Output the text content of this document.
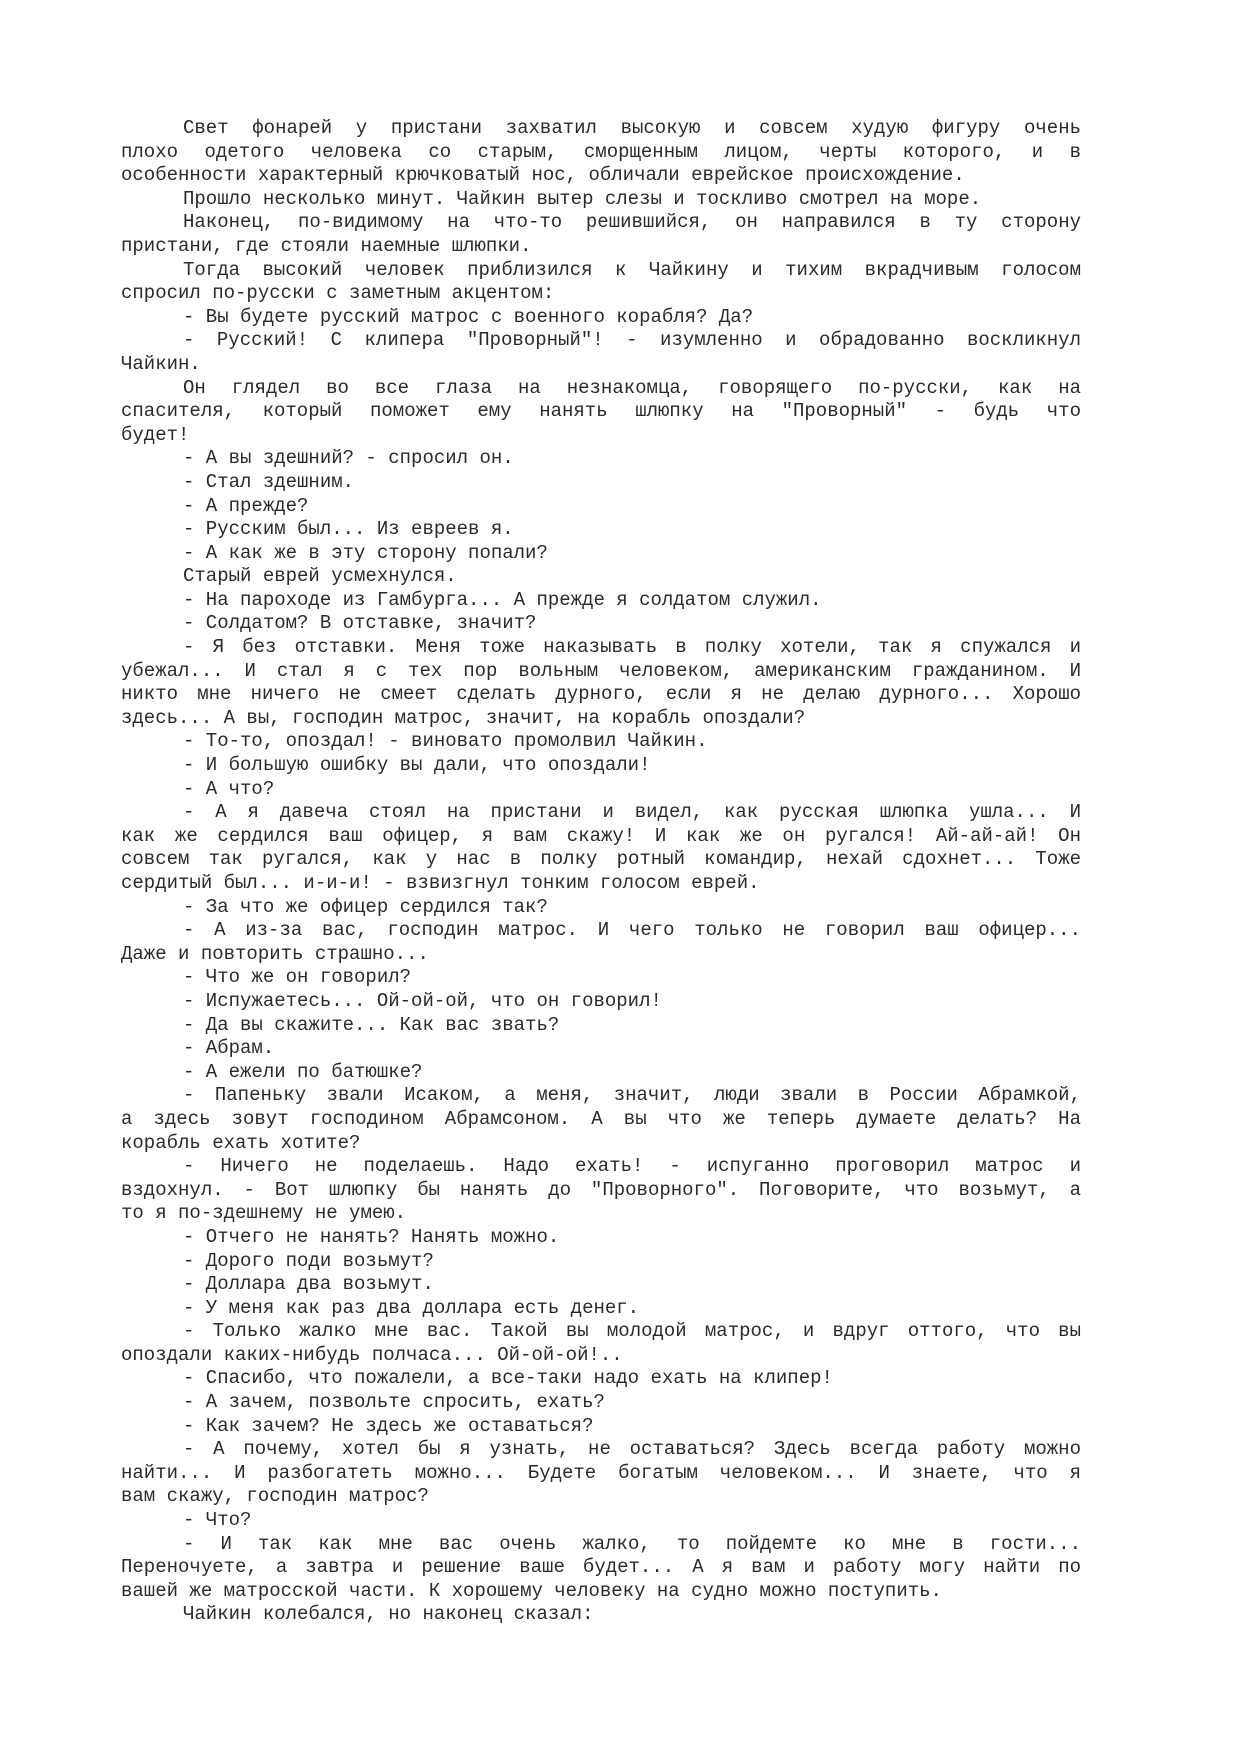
Свет фонарей у пристани захватил высокую и совсем худую фигуру очень
плохо одетого человека со старым, сморщенным лицом, черты которого, и в
особенности характерный крючковатый нос, обличали еврейское происхождение.
Прошло несколько минут. Чайкин вытер слезы и тоскливо смотрел на море.
Наконец, по-видимому на что-то решившийся, он направился в ту сторону
пристани, где стояли наемные шлюпки.
Тогда высокий человек приблизился к Чайкину и тихим вкрадчивым голосом
спросил по-русски с заметным акцентом:
- Вы будете русский матрос с военного корабля? Да?
- Русский! С клипера "Проворный"! - изумленно и обрадованно воскликнул
Чайкин.
Он глядел во все глаза на незнакомца, говорящего по-русски, как на
спасителя, который поможет ему нанять шлюпку на "Проворный" - будь что
будет!
- А вы здешний? - спросил он.
- Стал здешним.
- А прежде?
- Русским был... Из евреев я.
- А как же в эту сторону попали?
Старый еврей усмехнулся.
- На пароходе из Гамбурга... А прежде я солдатом служил.
- Солдатом? В отставке, значит?
- Я без отставки. Меня тоже наказывать в полку хотели, так я спужался и
убежал... И стал я с тех пор вольным человеком, американским гражданином. И
никто мне ничего не смеет сделать дурного, если я не делаю дурного... Хорошо
здесь... А вы, господин матрос, значит, на корабль опоздали?
- То-то, опоздал! - виновато промолвил Чайкин.
- И большую ошибку вы дали, что опоздали!
- А что?
- А я давеча стоял на пристани и видел, как русская шлюпка ушла... И
как же сердился ваш офицер, я вам скажу! И как же он ругался! Ай-ай-ай! Он
совсем так ругался, как у нас в полку ротный командир, нехай сдохнет... Тоже
сердитый был... и-и-и! - взвизгнул тонким голосом еврей.
- За что же офицер сердился так?
- А из-за вас, господин матрос. И чего только не говорил ваш офицер...
Даже и повторить страшно...
- Что же он говорил?
- Испужаетесь... Ой-ой-ой, что он говорил!
- Да вы скажите... Как вас звать?
- Абрам.
- А ежели по батюшке?
- Папеньку звали Исаком, а меня, значит, люди звали в России Абрамкой,
а здесь зовут господином Абрамсоном. А вы что же теперь думаете делать? На
корабль ехать хотите?
- Ничего не поделаешь. Надо ехать! - испуганно проговорил матрос и
вздохнул. - Вот шлюпку бы нанять до "Проворного". Поговорите, что возьмут, а
то я по-здешнему не умею.
- Отчего не нанять? Нанять можно.
- Дорого поди возьмут?
- Доллара два возьмут.
- У меня как раз два доллара есть денег.
- Только жалко мне вас. Такой вы молодой матрос, и вдруг оттого, что вы
опоздали каких-нибудь полчаса... Ой-ой-ой!..
- Спасибо, что пожалели, а все-таки надо ехать на клипер!
- А зачем, позвольте спросить, ехать?
- Как зачем? Не здесь же оставаться?
- А почему, хотел бы я узнать, не оставаться? Здесь всегда работу можно
найти... И разбогатеть можно... Будете богатым человеком... И знаете, что я
вам скажу, господин матрос?
- Что?
- И так как мне вас очень жалко, то пойдемте ко мне в гости...
Переночуете, а завтра и решение ваше будет... А я вам и работу могу найти по
вашей же матросской части. К хорошему человеку на судно можно поступить.
Чайкин колебался, но наконец сказал:
